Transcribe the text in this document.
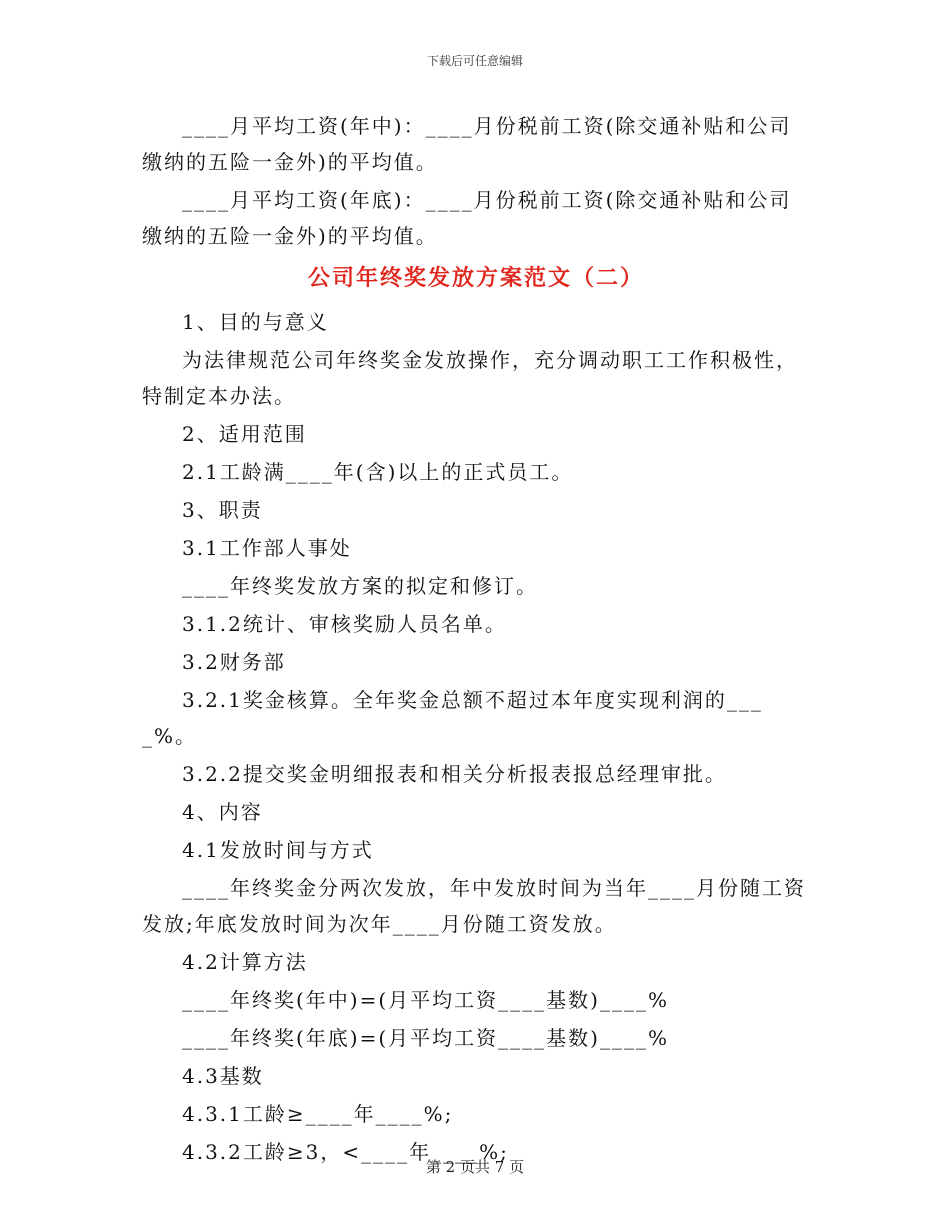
下载后可任意编辑

____月平均工资(年中)：____月份税前工资(除交通补贴和公司缴纳的五险一金外)的平均值。

____月平均工资(年底)：____月份税前工资(除交通补贴和公司缴纳的五险一金外)的平均值。

公司年终奖发放方案范文（二）

1、目的与意义

为法律规范公司年终奖金发放操作，充分调动职工工作积极性，特制定本办法。

2、适用范围

2.1工龄满____年(含)以上的正式员工。

3、职责

3.1工作部人事处

____年终奖发放方案的拟定和修订。

3.1.2统计、审核奖励人员名单。

3.2财务部

3.2.1奖金核算。全年奖金总额不超过本年度实现利润的____%。

3.2.2提交奖金明细报表和相关分析报表报总经理审批。

4、内容

4.1发放时间与方式

____年终奖金分两次发放，年中发放时间为当年____月份随工资发放;年底发放时间为次年____月份随工资发放。

4.2计算方法

____年终奖(年中)=(月平均工资____基数)____%

____年终奖(年底)=(月平均工资____基数)____%

4.3基数

4.3.1工龄≥____年____%;

4.3.2工龄≥3，<____年____%;

第 2 页共 7 页
